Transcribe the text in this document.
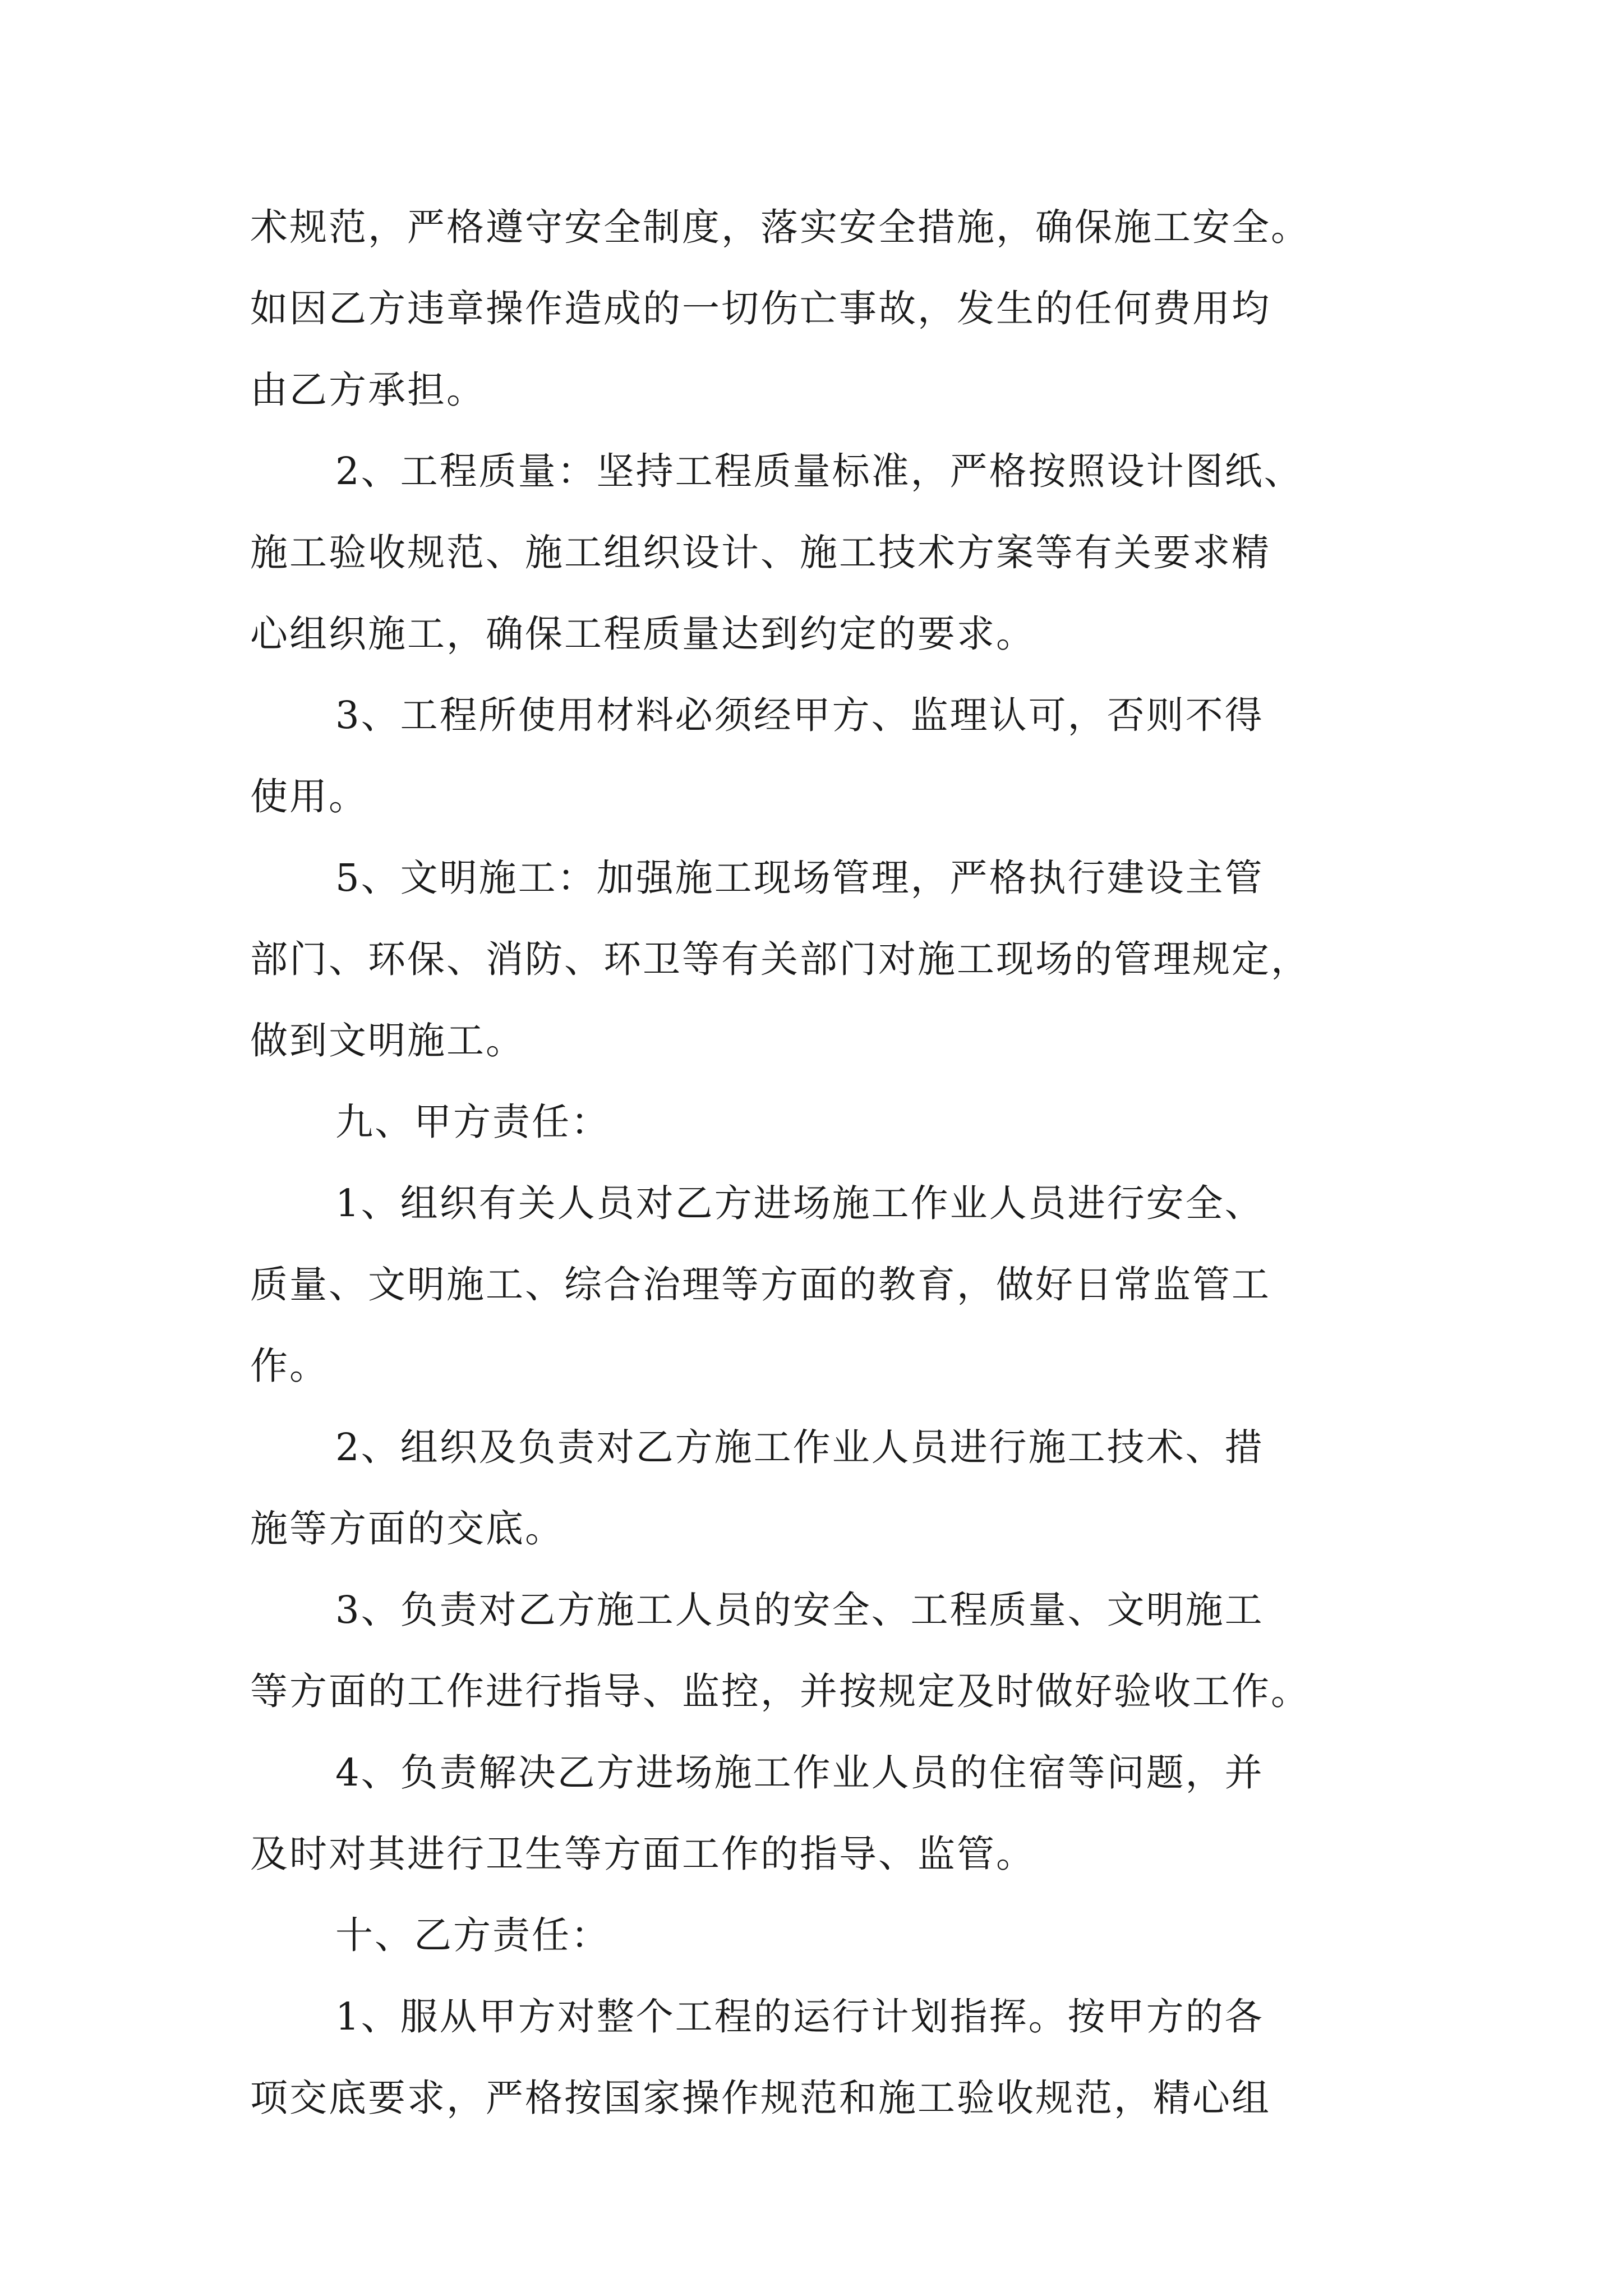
术规范，严格遵守安全制度，落实安全措施，确保施工安全。
如因乙方违章操作造成的一切伤亡事故，发生的任何费用均
由乙方承担。
2、工程质量：坚持工程质量标准，严格按照设计图纸、
施工验收规范、施工组织设计、施工技术方案等有关要求精
心组织施工，确保工程质量达到约定的要求。
3、工程所使用材料必须经甲方、监理认可，否则不得
使用。
5、文明施工：加强施工现场管理，严格执行建设主管
部门、环保、消防、环卫等有关部门对施工现场的管理规定，
做到文明施工。
九、甲方责任：
1、组织有关人员对乙方进场施工作业人员进行安全、
质量、文明施工、综合治理等方面的教育，做好日常监管工
作。
2、组织及负责对乙方施工作业人员进行施工技术、措
施等方面的交底。
3、负责对乙方施工人员的安全、工程质量、文明施工
等方面的工作进行指导、监控，并按规定及时做好验收工作。
4、负责解决乙方进场施工作业人员的住宿等问题，并
及时对其进行卫生等方面工作的指导、监管。
十、乙方责任：
1、服从甲方对整个工程的运行计划指挥。按甲方的各
项交底要求，严格按国家操作规范和施工验收规范，精心组
